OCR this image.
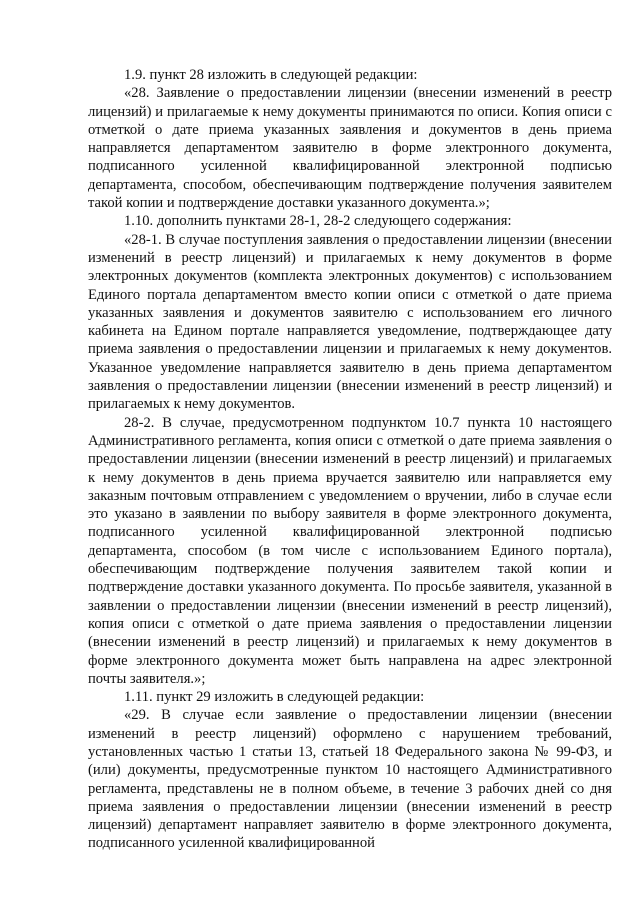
1.9. пункт 28 изложить в следующей редакции:

«28. Заявление о предоставлении лицензии (внесении изменений в реестр лицензий) и прилагаемые к нему документы принимаются по описи. Копия описи с отметкой о дате приема указанных заявления и документов в день приема направляется департаментом заявителю в форме электронного документа, подписанного усиленной квалифицированной электронной подписью департамента, способом, обеспечивающим подтверждение получения заявителем такой копии и подтверждение доставки указанного документа.»;

1.10. дополнить пунктами 28-1, 28-2 следующего содержания:

«28-1. В случае поступления заявления о предоставлении лицензии (внесении изменений в реестр лицензий) и прилагаемых к нему документов в форме электронных документов (комплекта электронных документов) с использованием Единого портала департаментом вместо копии описи с отметкой о дате приема указанных заявления и документов заявителю с использованием его личного кабинета на Едином портале направляется уведомление, подтверждающее дату приема заявления о предоставлении лицензии и прилагаемых к нему документов. Указанное уведомление направляется заявителю в день приема департаментом заявления о предоставлении лицензии (внесении изменений в реестр лицензий) и прилагаемых к нему документов.

28-2. В случае, предусмотренном подпунктом 10.7 пункта 10 настоящего Административного регламента, копия описи с отметкой о дате приема заявления о предоставлении лицензии (внесении изменений в реестр лицензий) и прилагаемых к нему документов в день приема вручается заявителю или направляется ему заказным почтовым отправлением с уведомлением о вручении, либо в случае если это указано в заявлении по выбору заявителя в форме электронного документа, подписанного усиленной квалифицированной электронной подписью департамента, способом (в том числе с использованием Единого портала), обеспечивающим подтверждение получения заявителем такой копии и подтверждение доставки указанного документа. По просьбе заявителя, указанной в заявлении о предоставлении лицензии (внесении изменений в реестр лицензий), копия описи с отметкой о дате приема заявления о предоставлении лицензии (внесении изменений в реестр лицензий) и прилагаемых к нему документов в форме электронного документа может быть направлена на адрес электронной почты заявителя.»;

1.11. пункт 29 изложить в следующей редакции:

«29. В случае если заявление о предоставлении лицензии (внесении изменений в реестр лицензий) оформлено с нарушением требований, установленных частью 1 статьи 13, статьей 18 Федерального закона № 99-ФЗ, и (или) документы, предусмотренные пунктом 10 настоящего Административного регламента, представлены не в полном объеме, в течение 3 рабочих дней со дня приема заявления о предоставлении лицензии (внесении изменений в реестр лицензий) департамент направляет заявителю в форме электронного документа, подписанного усиленной квалифицированной
